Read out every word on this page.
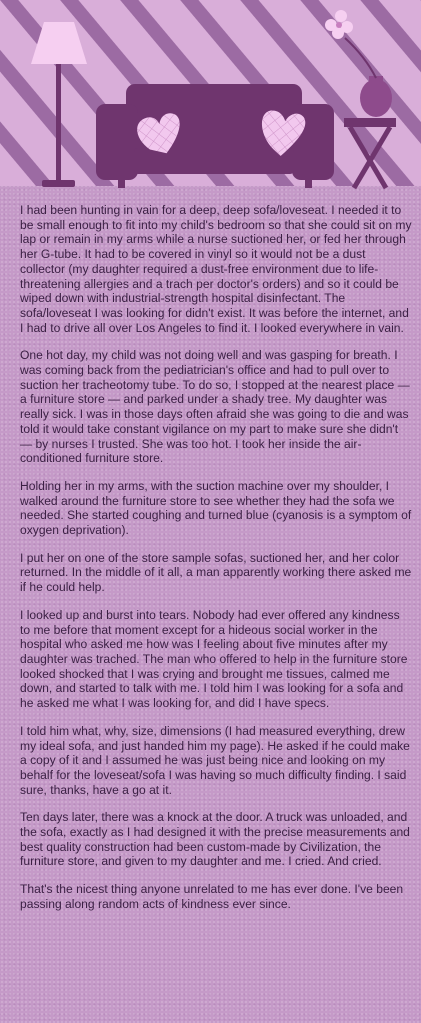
I had been hunting in vain for a deep, deep sofa/loveseat. I needed it to be small enough to fit into my child's bedroom so that she could sit on my lap or remain in my arms while a nurse suctioned her, or fed her through her G-tube. It had to be covered in vinyl so it would not be a dust collector (my daughter required a dust-free environment due to life-threatening allergies and a trach per doctor's orders) and so it could be wiped down with industrial-strength hospital disinfectant. The sofa/loveseat I was looking for didn't exist. It was before the internet, and I had to drive all over Los Angeles to find it. I looked everywhere in vain.

One hot day, my child was not doing well and was gasping for breath. I was coming back from the pediatrician's office and had to pull over to suction her tracheotomy tube. To do so, I stopped at the nearest place — a furniture store — and parked under a shady tree. My daughter was really sick. I was in those days often afraid she was going to die and was told it would take constant vigilance on my part to make sure she didn't — by nurses I trusted. She was too hot. I took her inside the air-conditioned furniture store.

Holding her in my arms, with the suction machine over my shoulder, I walked around the furniture store to see whether they had the sofa we needed. She started coughing and turned blue (cyanosis is a symptom of oxygen deprivation).

I put her on one of the store sample sofas, suctioned her, and her color returned. In the middle of it all, a man apparently working there asked me if he could help.

I looked up and burst into tears. Nobody had ever offered any kindness to me before that moment except for a hideous social worker in the hospital who asked me how was I feeling about five minutes after my daughter was trached. The man who offered to help in the furniture store looked shocked that I was crying and brought me tissues, calmed me down, and started to talk with me. I told him I was looking for a sofa and he asked me what I was looking for, and did I have specs.

I told him what, why, size, dimensions (I had measured everything, drew my ideal sofa, and just handed him my page). He asked if he could make a copy of it and I assumed he was just being nice and looking on my behalf for the loveseat/sofa I was having so much difficulty finding. I said sure, thanks, have a go at it.

Ten days later, there was a knock at the door. A truck was unloaded, and the sofa, exactly as I had designed it with the precise measurements and best quality construction had been custom-made by Civilization, the furniture store, and given to my daughter and me. I cried. And cried.

That's the nicest thing anyone unrelated to me has ever done. I've been passing along random acts of kindness ever since.
